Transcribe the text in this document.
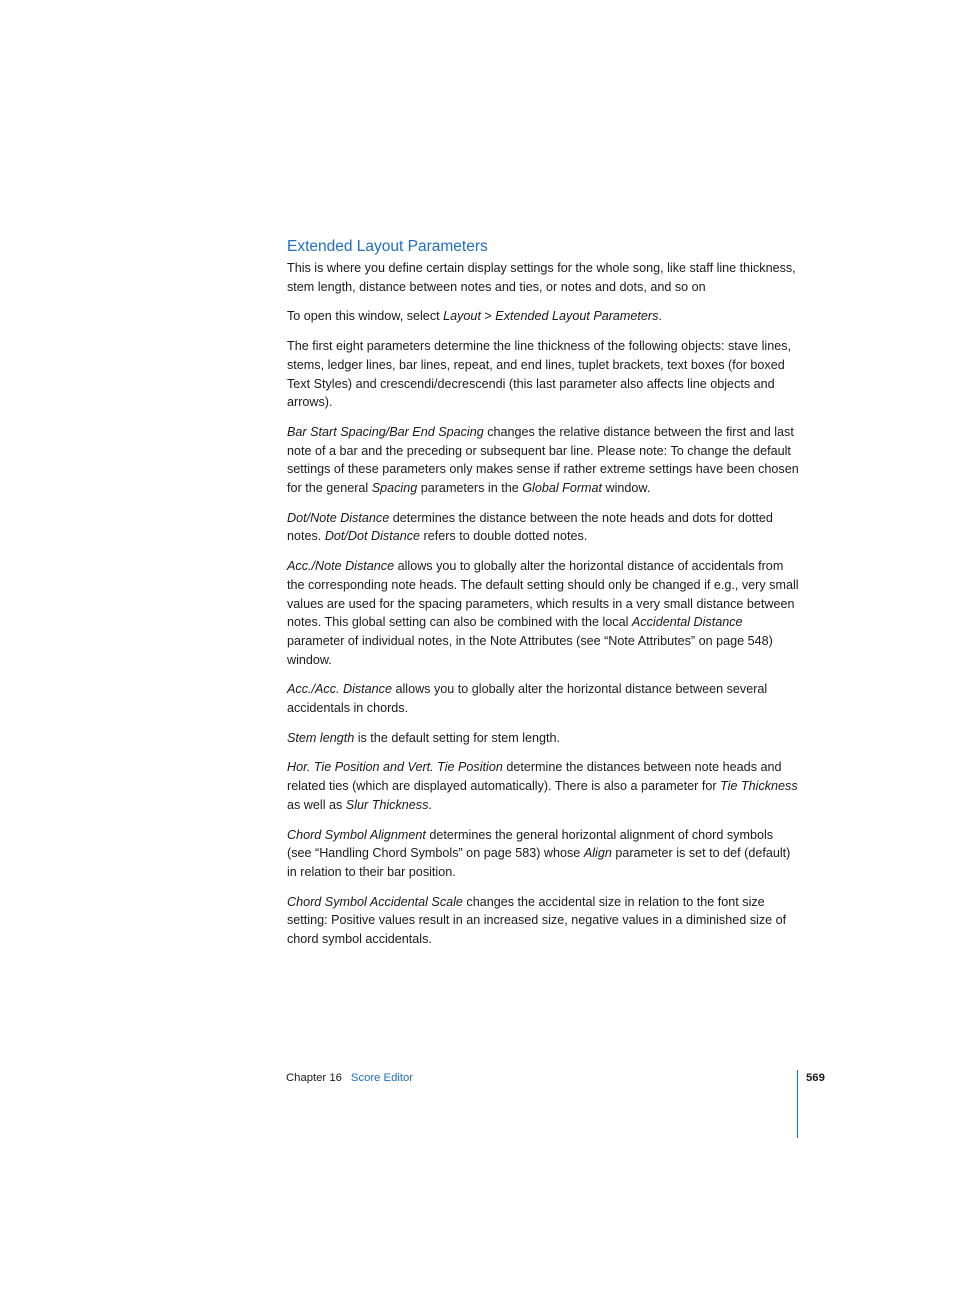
Extended Layout Parameters

This is where you define certain display settings for the whole song, like staff line thickness, stem length, distance between notes and ties, or notes and dots, and so on

To open this window, select Layout > Extended Layout Parameters.

The first eight parameters determine the line thickness of the following objects: stave lines, stems, ledger lines, bar lines, repeat, and end lines, tuplet brackets, text boxes (for boxed Text Styles) and crescendi/decrescendi (this last parameter also affects line objects and arrows).

Bar Start Spacing/Bar End Spacing changes the relative distance between the first and last note of a bar and the preceding or subsequent bar line. Please note: To change the default settings of these parameters only makes sense if rather extreme settings have been chosen for the general Spacing parameters in the Global Format window.

Dot/Note Distance determines the distance between the note heads and dots for dotted notes. Dot/Dot Distance refers to double dotted notes.

Acc./Note Distance allows you to globally alter the horizontal distance of accidentals from the corresponding note heads. The default setting should only be changed if e.g., very small values are used for the spacing parameters, which results in a very small distance between notes. This global setting can also be combined with the local Accidental Distance parameter of individual notes, in the Note Attributes (see “Note Attributes” on page 548) window.

Acc./Acc. Distance allows you to globally alter the horizontal distance between several accidentals in chords.

Stem length is the default setting for stem length.

Hor. Tie Position and Vert. Tie Position determine the distances between note heads and related ties (which are displayed automatically). There is also a parameter for Tie Thickness as well as Slur Thickness.

Chord Symbol Alignment determines the general horizontal alignment of chord symbols (see “Handling Chord Symbols” on page 583) whose Align parameter is set to def (default) in relation to their bar position.

Chord Symbol Accidental Scale changes the accidental size in relation to the font size setting: Positive values result in an increased size, negative values in a diminished size of chord symbol accidentals.

Chapter 16 Score Editor	569
